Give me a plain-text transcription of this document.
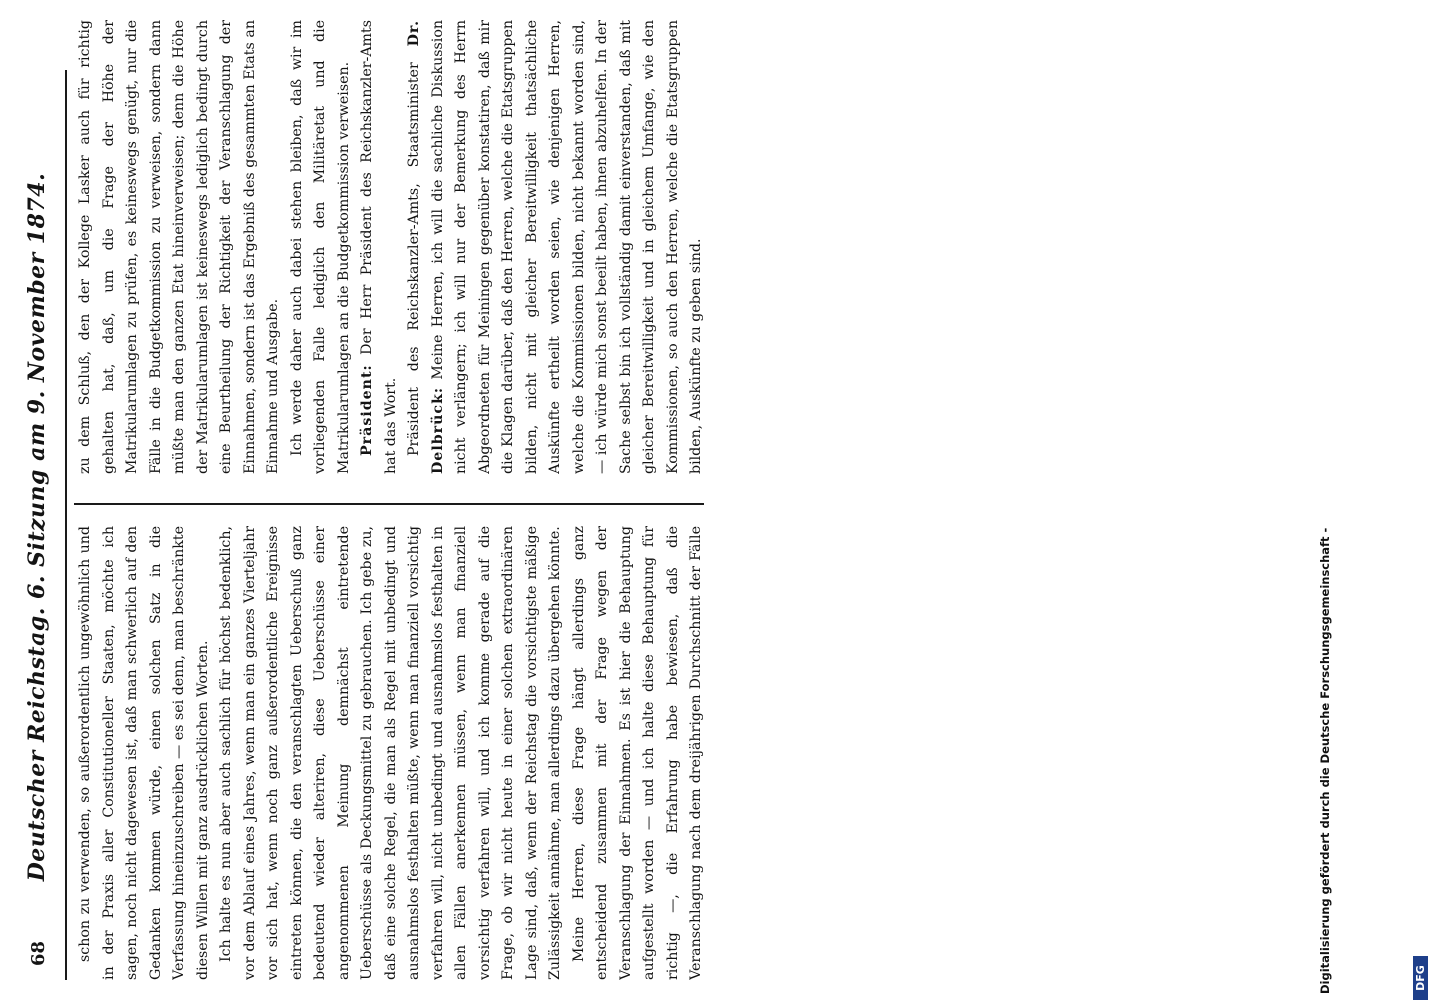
68
Deutscher Reichstag. 6. Sitzung am 9. November 1874. schon zu verwenden, so außerordentlich ungewöhnlich und in der Praxis aller Constitutioneller Staaten, möchte ich sagen, noch nicht dagewesen ist, daß man schwerlich auf den Gedanken kommen würde, einen solchen Satz in die Verfassung hineinzuschreiben — es sei denn, man beschränkte diesen Willen mit ganz ausdrücklichen Worten. Ich halte es nun aber auch sachlich für höchst bedenklich, vor dem Ablauf eines Jahres, wenn man ein ganzes Vierteljahr vor sich hat, wenn noch ganz außerordentliche Ereignisse eintreten können, die den veranschlagten Ueberschuß ganz bedeutend wieder alteriren, diese Ueberschüsse einer angenommenen Meinung demnächst eintretende Ueberschüsse als Deckungsmittel zu gebrauchen. Ich gebe zu, daß eine solche Regel, die man als Regel mit unbedingt und ausnahmslos festhalten müßte, wenn man finanziell vorsichtig verfahren will, nicht unbedingt und ausnahmslos festhalten in allen Fällen anerkennen müssen, wenn man finanziell vorsichtig verfahren will, und ich komme gerade auf die Frage, ob wir nicht heute in einer solchen extraordinären Lage sind, daß, wenn der Reichstag die vorsichtigste mäßige Zulässigkeit annähme, man allerdings dazu übergehen könnte. Meine Herren, diese Frage hängt allerdings ganz entscheidend zusammen mit der Frage wegen der Veranschlagung der Einnahmen. Es ist hier die Behauptung aufgestellt worden — und ich halte diese Behauptung für richtig —, die Erfahrung habe bewiesen, daß die Veranschlagung nach dem dreijährigen Durchschnitt der Fälle

zu dem Schluß, den der Kollege Lasker auch für richtig gehalten hat, daß, um die Frage der Höhe der Matrikularumlagen zu prüfen, es keineswegs genügt, nur die Fälle in die Budgetkommission zu verweisen, sondern dann müßte man den ganzen Etat hineinverweisen; denn die Höhe der Matrikularumlagen ist keineswegs lediglich bedingt durch eine Beurtheilung der Richtigkeit der Veranschlagung der Einnahmen, sondern ist das Ergebniß des gesammten Etats an Einnahme und Ausgabe. Ich werde daher auch dabei stehen bleiben, daß wir im vorliegenden Falle lediglich den Militäretat und die Matrikularumlagen an die Budgetkommission verweisen. Präsident: Der Herr Präsident des Reichskanzler-Amts hat das Wort. Präsident des Reichskanzler-Amts, Staatsminister Dr. Delbrück: Meine Herren, ich will die sachliche Diskussion nicht verlängern; ich will nur der Bemerkung des Herrn Abgeordneten für Meiningen gegenüber konstatiren, daß mir die Klagen darüber, daß den Herren, welche die Etatsgruppen bilden, nicht mit gleicher Bereitwilligkeit thatsächliche Auskünfte ertheilt worden seien, wie denjenigen Herren, welche die Kommissionen bilden, nicht bekannt worden sind, — ich würde mich sonst beeilt haben, ihnen abzuhelfen. In der Sache selbst bin ich vollständig damit einverstanden, daß mit gleicher Bereitwilligkeit und in gleichem Umfange, wie den Kommissionen, so auch den Herren, welche die Etatsgruppen bilden, Auskünfte zu geben sind.

Digitalisierung gefördert durch die Deutsche Forschungsgemeinschaft -	DFG
